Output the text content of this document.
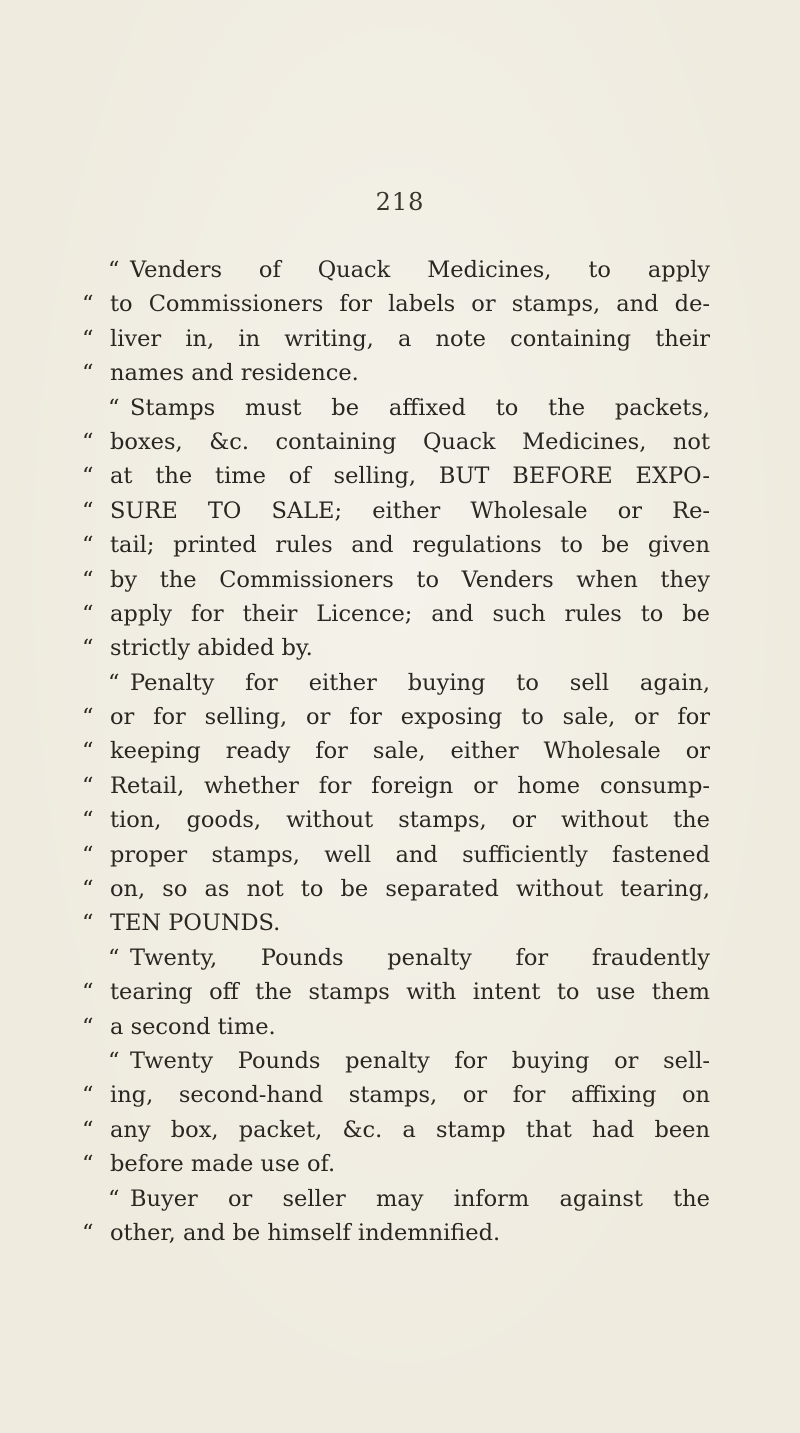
218
“ Venders of Quack Medicines, to apply
“ to Commissioners for labels or stamps, and de-
“ liver in, in writing, a note containing their
“ names and residence.
“ Stamps must be affixed to the packets,
“ boxes, &c. containing Quack Medicines, not
“ at the time of selling, BUT BEFORE EXPO-
“ SURE TO SALE; either Wholesale or Re-
“ tail; printed rules and regulations to be given
“ by the Commissioners to Venders when they
“ apply for their Licence; and such rules to be
“ strictly abided by.
“ Penalty for either buying to sell again,
“ or for selling, or for exposing to sale, or for
“ keeping ready for sale, either Wholesale or
“ Retail, whether for foreign or home consump-
“ tion, goods, without stamps, or without the
“ proper stamps, well and sufficiently fastened
“ on, so as not to be separated without tearing,
“ TEN POUNDS.
“ Twenty, Pounds penalty for fraudently
“ tearing off the stamps with intent to use them
“ a second time.
“ Twenty Pounds penalty for buying or sell-
“ ing, second-hand stamps, or for affixing on
“ any box, packet, &c. a stamp that had been
“ before made use of.
“ Buyer or seller may inform against the
“ other, and be himself indemnified.
